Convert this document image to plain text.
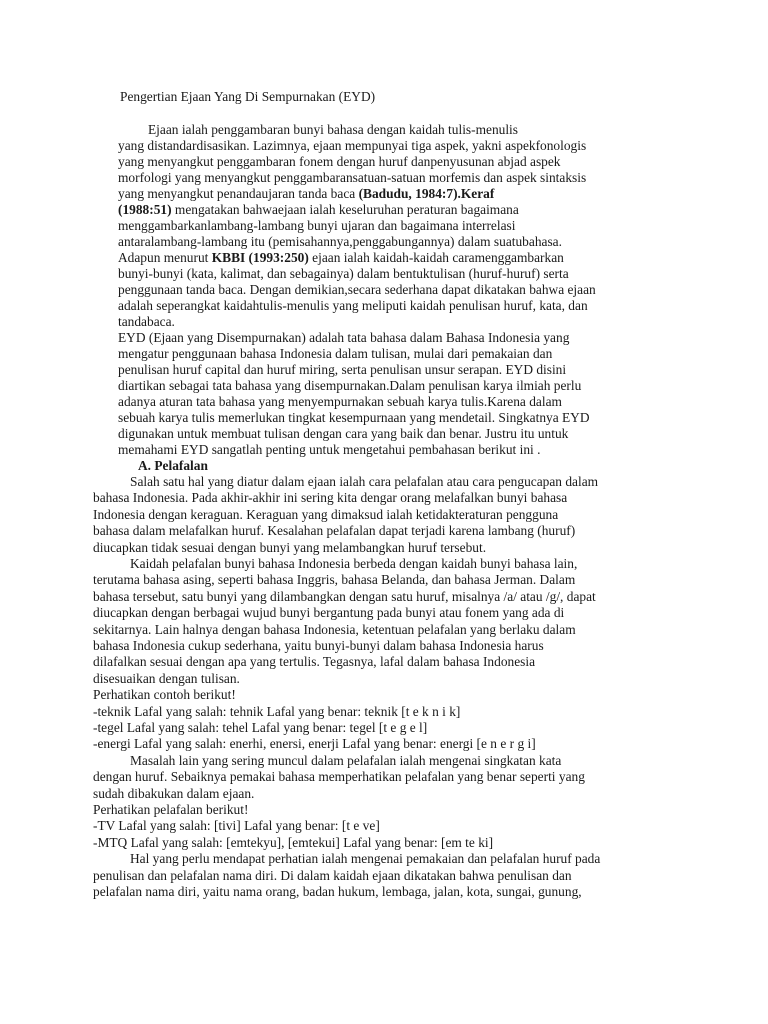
Pengertian Ejaan Yang Di Sempurnakan (EYD)
Ejaan ialah penggambaran bunyi bahasa dengan kaidah tulis-menulis
yang distandardisasikan. Lazimnya, ejaan mempunyai tiga aspek, yakni aspekfonologis
yang menyangkut penggambaran fonem dengan huruf danpenyusunan abjad aspek
morfologi yang menyangkut penggambaransatuan-satuan morfemis dan aspek sintaksis
yang menyangkut penandaujaran tanda baca (Badudu, 1984:7).Keraf
(1988:51) mengatakan bahwaejaan ialah keseluruhan peraturan bagaimana
menggambarkanlambang-lambang bunyi ujaran dan bagaimana interrelasi
antaralambang-lambang itu (pemisahannya,penggabungannya) dalam suatubahasa.
Adapun menurut KBBI (1993:250) ejaan ialah kaidah-kaidah caramenggambarkan
bunyi-bunyi (kata, kalimat, dan sebagainya) dalam bentuktulisan (huruf-huruf) serta
penggunaan tanda baca. Dengan demikian,secara sederhana dapat dikatakan bahwa ejaan
adalah seperangkat kaidahtulis-menulis yang meliputi kaidah penulisan huruf, kata, dan
tandabaca.
EYD (Ejaan yang Disempurnakan) adalah tata bahasa dalam Bahasa Indonesia yang
mengatur penggunaan bahasa Indonesia dalam tulisan, mulai dari pemakaian dan
penulisan huruf capital dan huruf miring, serta penulisan unsur serapan. EYD disini
diartikan sebagai tata bahasa yang disempurnakan.Dalam penulisan karya ilmiah perlu
adanya aturan tata bahasa yang menyempurnakan sebuah karya tulis.Karena dalam
sebuah karya tulis memerlukan tingkat kesempurnaan yang mendetail. Singkatnya EYD
digunakan untuk membuat tulisan dengan cara yang baik dan benar. Justru itu untuk
memahami EYD sangatlah penting untuk mengetahui pembahasan berikut ini .
A. Pelafalan
Salah satu hal yang diatur dalam ejaan ialah cara pelafalan atau cara pengucapan dalam
bahasa Indonesia. Pada akhir-akhir ini sering kita dengar orang melafalkan bunyi bahasa
Indonesia dengan keraguan. Keraguan yang dimaksud ialah ketidakteraturan pengguna
bahasa dalam melafalkan huruf. Kesalahan pelafalan dapat terjadi karena lambang (huruf)
diucapkan tidak sesuai dengan bunyi yang melambangkan huruf tersebut.
Kaidah pelafalan bunyi bahasa Indonesia berbeda dengan kaidah bunyi bahasa lain,
terutama bahasa asing, seperti bahasa Inggris, bahasa Belanda, dan bahasa Jerman. Dalam
bahasa tersebut, satu bunyi yang dilambangkan dengan satu huruf, misalnya /a/ atau /g/, dapat
diucapkan dengan berbagai wujud bunyi bergantung pada bunyi atau fonem yang ada di
sekitarnya. Lain halnya dengan bahasa Indonesia, ketentuan pelafalan yang berlaku dalam
bahasa Indonesia cukup sederhana, yaitu bunyi-bunyi dalam bahasa Indonesia harus
dilafalkan sesuai dengan apa yang tertulis. Tegasnya, lafal dalam bahasa Indonesia
disesuaikan dengan tulisan.
Perhatikan contoh berikut!
-teknik Lafal yang salah: tehnik Lafal yang benar: teknik [t e k n i k]
-tegel Lafal yang salah: tehel Lafal yang benar: tegel [t e g e l]
-energi Lafal yang salah: enerhi, enersi, enerji Lafal yang benar: energi [e n e r g i]
Masalah lain yang sering muncul dalam pelafalan ialah mengenai singkatan kata
dengan huruf. Sebaiknya pemakai bahasa memperhatikan pelafalan yang benar seperti yang
sudah dibakukan dalam ejaan.
Perhatikan pelafalan berikut!
-TV Lafal yang salah: [tivi] Lafal yang benar: [t e ve]
-MTQ Lafal yang salah: [emtekyu], [emtekui] Lafal yang benar: [em te ki]
Hal yang perlu mendapat perhatian ialah mengenai pemakaian dan pelafalan huruf pada
penulisan dan pelafalan nama diri. Di dalam kaidah ejaan dikatakan bahwa penulisan dan
pelafalan nama diri, yaitu nama orang, badan hukum, lembaga, jalan, kota, sungai, gunung,
